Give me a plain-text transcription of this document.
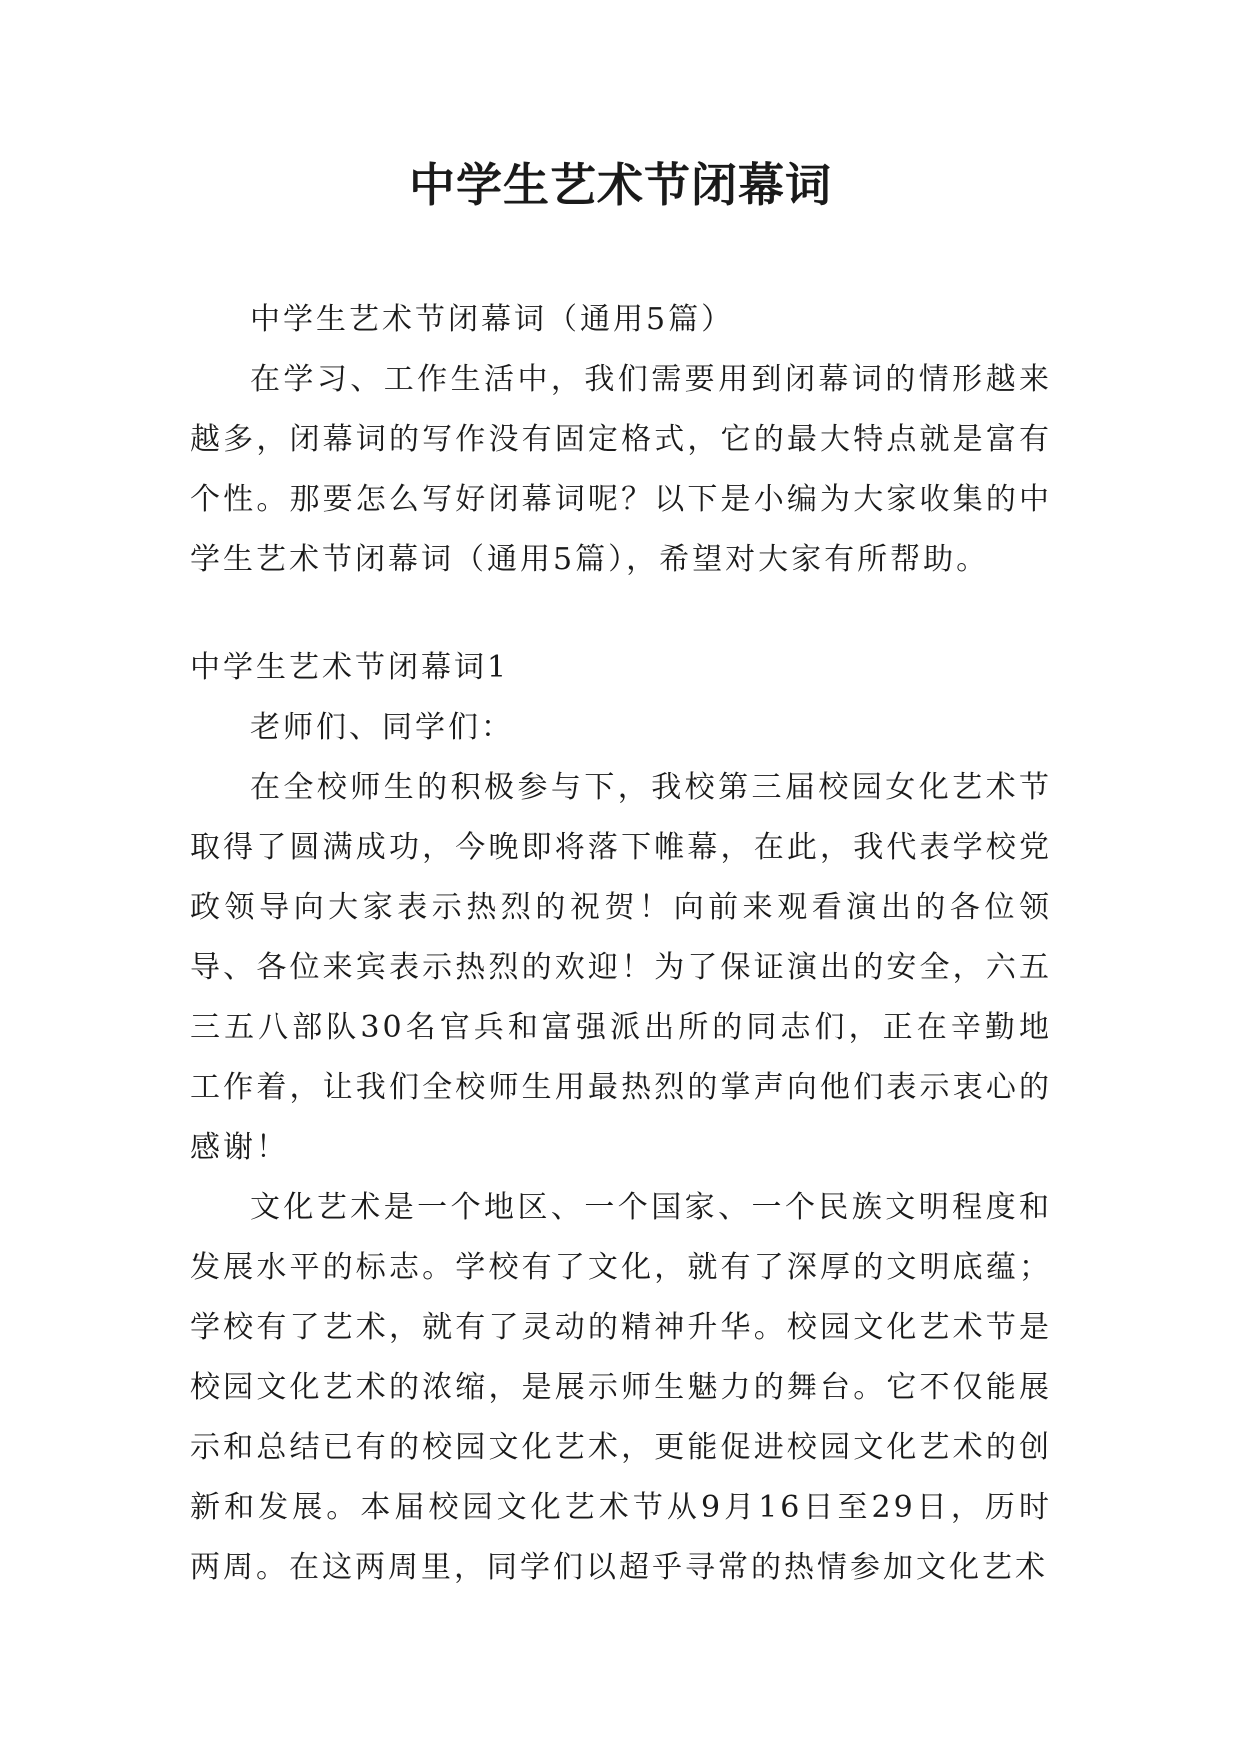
中学生艺术节闭幕词

中学生艺术节闭幕词（通用5篇）

在学习、工作生活中，我们需要用到闭幕词的情形越来越多，闭幕词的写作没有固定格式，它的最大特点就是富有个性。那要怎么写好闭幕词呢？以下是小编为大家收集的中学生艺术节闭幕词（通用5篇），希望对大家有所帮助。

中学生艺术节闭幕词1

老师们、同学们：

在全校师生的积极参与下，我校第三届校园女化艺术节取得了圆满成功，今晚即将落下帷幕，在此，我代表学校党政领导向大家表示热烈的祝贺！向前来观看演出的各位领导、各位来宾表示热烈的欢迎！为了保证演出的安全，六五三五八部队30名官兵和富强派出所的同志们，正在辛勤地工作着，让我们全校师生用最热烈的掌声向他们表示衷心的感谢！

文化艺术是一个地区、一个国家、一个民族文明程度和发展水平的标志。学校有了文化，就有了深厚的文明底蕴；学校有了艺术，就有了灵动的精神升华。校园文化艺术节是校园文化艺术的浓缩，是展示师生魅力的舞台。它不仅能展示和总结已有的校园文化艺术，更能促进校园文化艺术的创新和发展。本届校园文化艺术节从9月16日至29日，历时两周。在这两周里，同学们以超乎寻常的热情参加文化艺术
